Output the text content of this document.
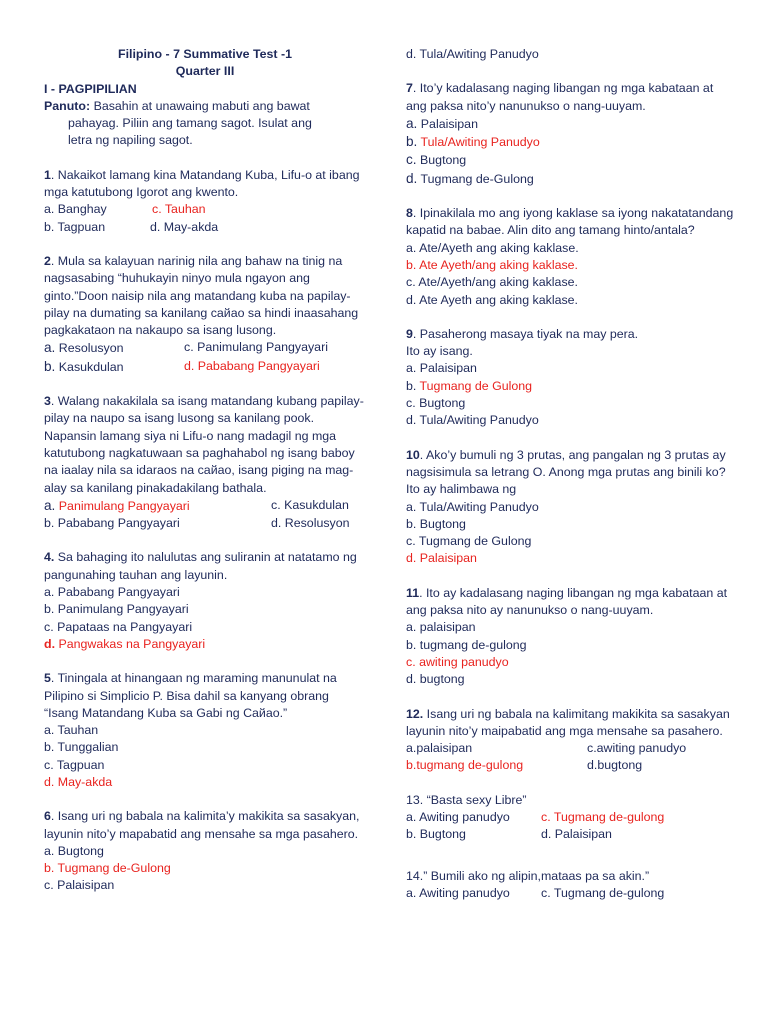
Filipino - 7 Summative Test -1
Quarter III
I - PAGPIPILIAN

Panuto: Basahin at unawaing mabuti ang bawat

pahayag. Piliin ang tamang sagot. Isulat ang

letra ng napiling sagot.

1. Nakaikot lamang kina Matandang Kuba, Lifu-o at ibang mga katutubong Igorot ang kwento.

a. Banghay	c. Tauhan
b. Tagpuan	d. May-akda

2. Mula sa kalayuan narinig nila ang bahaw na tinig na nagsasabing “huhukayin ninyo mula ngayon ang ginto.”Doon naisip nila ang matandang kuba na papilay-pilay na dumating sa kanilang caйao sa hindi inaasahang pagkakataon na nakaupo sa isang lusong.

a. Resolusyon	c. Panimulang Pangyayari
b. Kasukdulan	d. Pababang Pangyayari

3. Walang nakakilala sa isang matandang kubang papilay-pilay na naupo sa isang lusong sa kanilang pook. Napansin lamang siya ni Lifu-o nang madagil ng mga katutubong nagkatuwaan sa paghahabol ng isang baboy na iaalay nila sa idaraos na caйao, isang piging na mag-alay sa kanilang pinakadakilang bathala.

a. Panimulang Pangyayari	c. Kasukdulan
b. Pababang Pangyayari	d. Resolusyon

4. Sa bahaging ito nalulutas ang suliranin at natatamo ng pangunahing tauhan ang layunin.

a. Pababang Pangyayari

b. Panimulang Pangyayari

c. Papataas na Pangyayari

d. Pangwakas na Pangyayari

5. Tiningala at hinangaan ng maraming manunulat na Pilipino si Simplicio P. Bisa dahil sa kanyang obrang “Isang Matandang Kuba sa Gabi ng Caйao.”

a. Tauhan

b. Tunggalian

c. Tagpuan

d. May-akda

6. Isang uri ng babala na kalimita’y makikita sa sasakyan, layunin nito’y mapabatid ang mensahe sa mga pasahero.

a. Bugtong

b. Tugmang de-Gulong

c. Palaisipan

d. Tula/Awiting Panudyo

7. Ito’y kadalasang naging libangan ng mga kabataan at ang paksa nito’y nanunukso o nang-uuyam.

a. Palaisipan

b. Tula/Awiting Panudyo

c. Bugtong

d. Tugmang de-Gulong

8. Ipinakilala mo ang iyong kaklase sa iyong nakatatandang kapatid na babae. Alin dito ang tamang hinto/antala?

a. Ate/Ayeth ang aking kaklase.

b. Ate Ayeth/ang aking kaklase.

c. Ate/Ayeth/ang aking kaklase.

d. Ate Ayeth ang aking kaklase.

9. Pasaherong masaya tiyak na may pera.

Ito ay isang.

a. Palaisipan

b. Tugmang de Gulong

c. Bugtong

d. Tula/Awiting Panudyo

10. Ako’y bumuli ng 3 prutas, ang pangalan ng 3 prutas ay nagsisimula sa letrang O. Anong mga prutas ang binili ko? Ito ay halimbawa ng

a. Tula/Awiting Panudyo

b. Bugtong

c. Tugmang de Gulong

d. Palaisipan

11. Ito ay kadalasang naging libangan ng mga kabataan at ang paksa nito ay nanunukso o nang-uuyam.

a. palaisipan

b. tugmang de-gulong

c. awiting panudyo

d. bugtong

12. Isang uri ng babala na kalimitang makikita sa sasakyan layunin nito’y maipabatid ang mga mensahe sa pasahero.

a.palaisipan	c.awiting panudyo
b.tugmang de-gulong	d.bugtong

13. “Basta sexy Libre”

a. Awiting panudyo	c. Tugmang de-gulong
b. Bugtong	d. Palaisipan

14.” Bumili ako ng alipin,mataas pa sa akin.”

a. Awiting panudyo	c. Tugmang de-gulong
